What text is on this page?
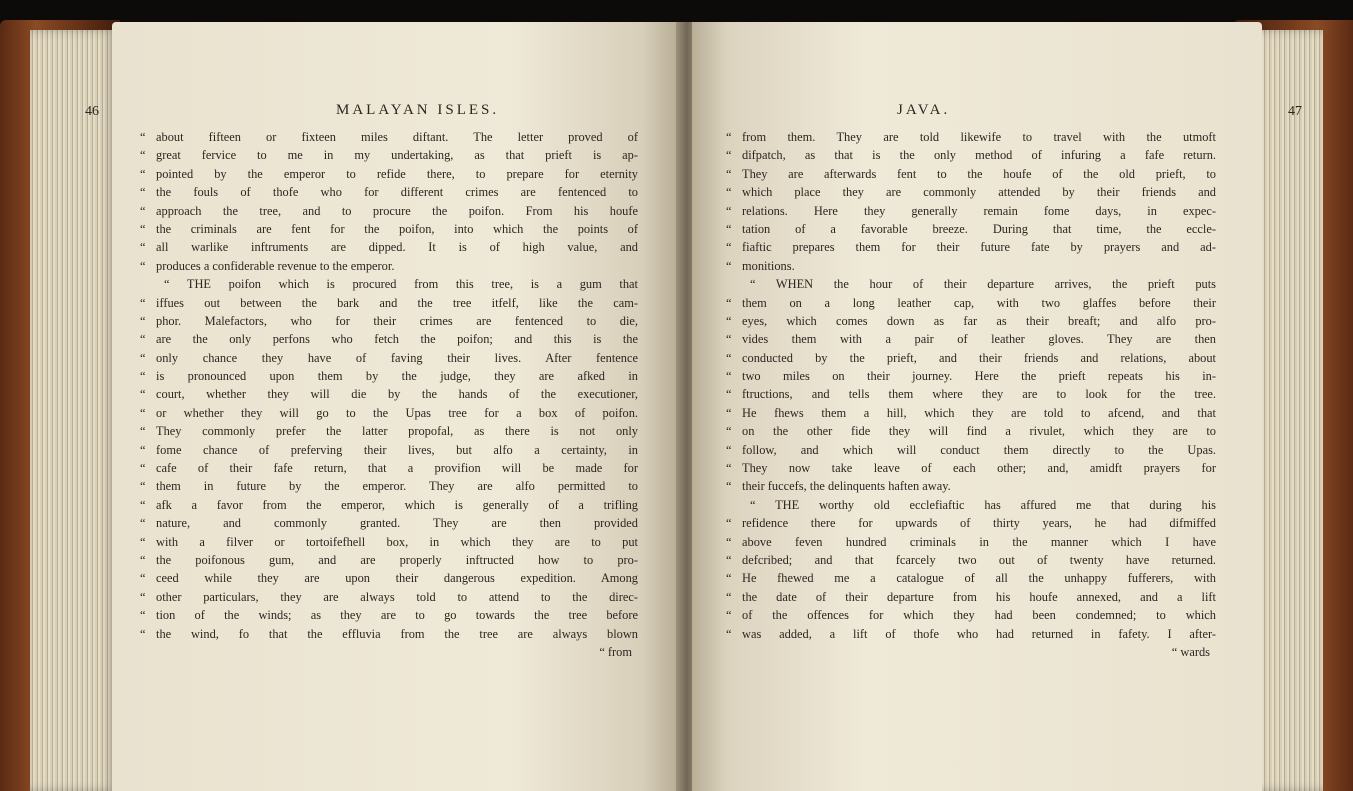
46	MALAYAN ISLES.
“ about fifteen or fixteen miles diftant. The letter proved of
“ great fervice to me in my undertaking, as that prieft is ap-
“ pointed by the emperor to refide there, to prepare for eternity
“ the fouls of thofe who for different crimes are fentenced to
“ approach the tree, and to procure the poifon. From his houfe
“ the criminals are fent for the poifon, into which the points of
“ all warlike inftruments are dipped. It is of high value, and
“ produces a confiderable revenue to the emperor.
“ THE poifon which is procured from this tree, is a gum that
“ iffues out between the bark and the tree itfelf, like the cam-
“ phor. Malefactors, who for their crimes are fentenced to die,
“ are the only perfons who fetch the poifon; and this is the
“ only chance they have of faving their lives. After fentence
“ is pronounced upon them by the judge, they are afked in
“ court, whether they will die by the hands of the executioner,
“ or whether they will go to the Upas tree for a box of poifon.
“ They commonly prefer the latter propofal, as there is not only
“ fome chance of preferving their lives, but alfo a certainty, in
“ cafe of their fafe return, that a provifion will be made for
“ them in future by the emperor. They are alfo permitted to
“ afk a favor from the emperor, which is generally of a trifling
“ nature, and commonly granted. They are then provided
“ with a filver or tortoifefhell box, in which they are to put
“ the poifonous gum, and are properly inftructed how to pro-
“ ceed while they are upon their dangerous expedition. Among
“ other particulars, they are always told to attend to the direc-
“ tion of the winds; as they are to go towards the tree before
“ the wind, fo that the effluvia from the tree are always blown
“ from
47
JAVA.
“ from them. They are told likewife to travel with the utmoft
“ difpatch, as that is the only method of infuring a fafe return.
“ They are afterwards fent to the houfe of the old prieft, to
“ which place they are commonly attended by their friends and
“ relations. Here they generally remain fome days, in expec-
“ tation of a favorable breeze. During that time, the eccle-
“ fiaftic prepares them for their future fate by prayers and ad-
“ monitions.
“ WHEN the hour of their departure arrives, the prieft puts
“ them on a long leather cap, with two glaffes before their
“ eyes, which comes down as far as their breaft; and alfo pro-
“ vides them with a pair of leather gloves. They are then
“ conducted by the prieft, and their friends and relations, about
“ two miles on their journey. Here the prieft repeats his in-
“ ftructions, and tells them where they are to look for the tree.
“ He fhews them a hill, which they are told to afcend, and that
“ on the other fide they will find a rivulet, which they are to
“ follow, and which will conduct them directly to the Upas.
“ They now take leave of each other; and, amidft prayers for
“ their fuccefs, the delinquents haften away.
“ THE worthy old ecclefiaftic has affured me that during his
“ refidence there for upwards of thirty years, he had difmiffed
“ above feven hundred criminals in the manner which I have
“ defcribed; and that fcarcely two out of twenty have returned.
“ He fhewed me a catalogue of all the unhappy fufferers, with
“ the date of their departure from his houfe annexed, and a lift
“ of the offences for which they had been condemned; to which
“ was added, a lift of thofe who had returned in fafety. I after-
“ wards
